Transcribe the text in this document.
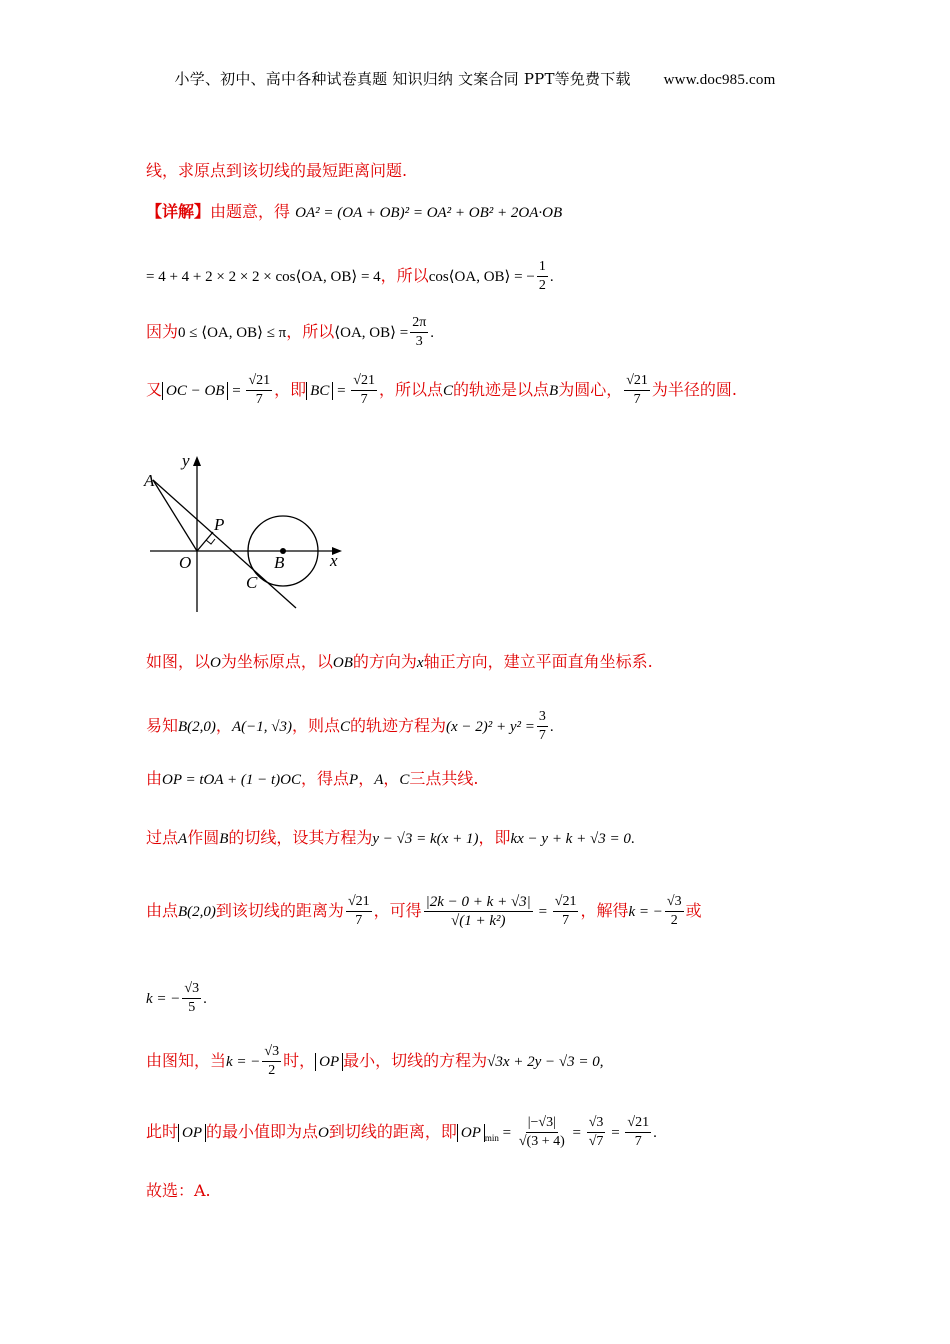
小学、初中、高中各种试卷真题 知识归纳 文案合同 PPT等免费下载 www.doc985.com
线，求原点到该切线的最短距离问题.
【详解】由题意，得 OA² = (OA + OB)² = OA² + OB² + 2OA·OB
= 4 + 4 + 2 × 2 × 2 × cos⟨OA, OB⟩ = 4，所以cos⟨OA, OB⟩ = − $\frac{1}{2}$ .
因为0 ≤ ⟨OA, OB⟩ ≤ π，所以⟨OA, OB⟩ = $\frac{2\pi}{3}$ .
又 OC − OB = $\frac{√21}{7}$ ，即 BC = $\frac{√21}{7}$ ，所以点C的轨迹是以点B为圆心， $\frac{√21}{7}$ 为半径的圆.
y
x
A
P
O	B
C
如图，以O为坐标原点，以OB的方向为x轴正方向，建立平面直角坐标系.
易知B(2,0)，A(−1, √3)，则点C的轨迹方程为$(x - 2)^2 + y^2 = \frac{3}{7}$ .
由OP = tOA + (1 − t)OC，得点P，A，C三点共线.
过点A作圆B的切线，设其方程为y − √3 = k(x + 1)，即kx − y + k + √3 = 0.
由点B(2,0)到该切线的距离为 $\frac{√21}{7}$ ，可得 $\frac{|2k - 0 + k + √3|}{\text{√(1 + k²)}} = \frac{√21}{7}$ ，解得k = − $\frac{√3}{2}$ 或
k = − $\frac{√3}{5}$ .
由图知，当k = − $\frac{√3}{2}$ 时， OP 最小，切线的方程为√3x + 2y − √3 = 0,
此时 OP 的最小值即为点O到切线的距离，即 OP $_{min} = \frac{|-√3|}{√(3 + 4)} = \frac{√3}{√7} = \frac{√21}{7}$ .
故选：A.
